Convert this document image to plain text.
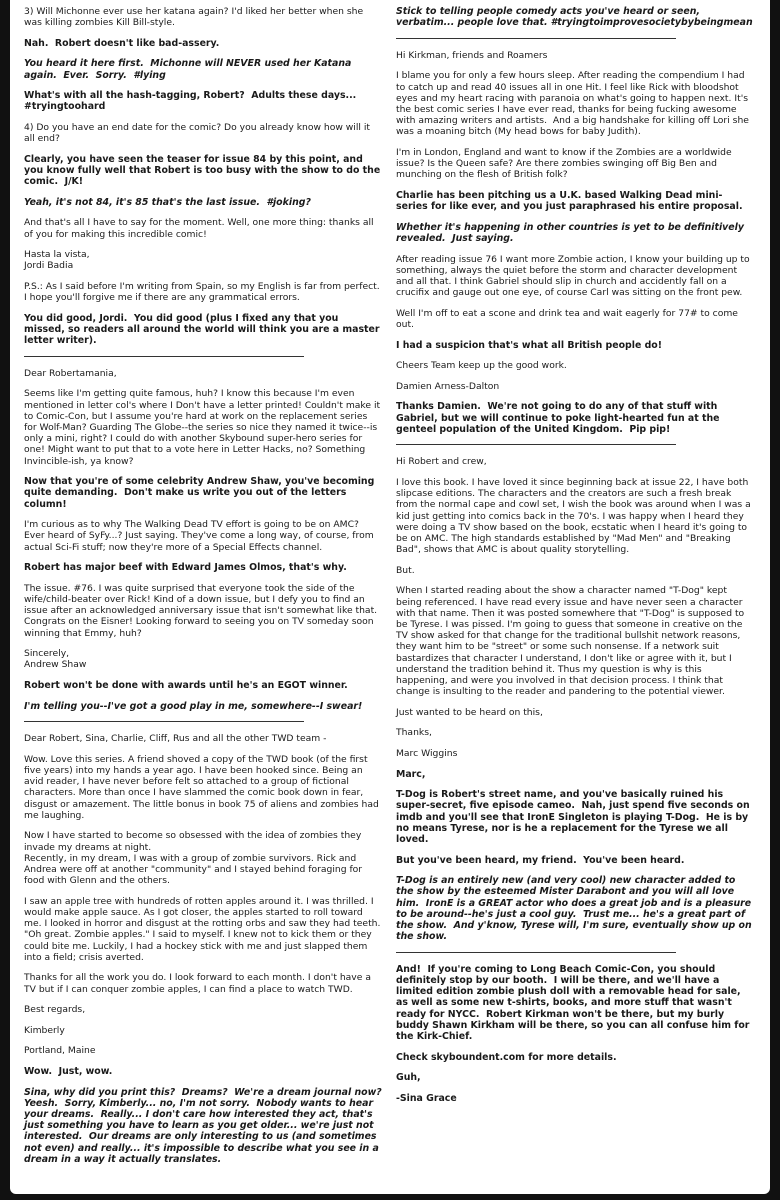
3) Will Michonne ever use her katana again? I'd liked her better when she was killing zombies Kill Bill-style.

Nah.  Robert doesn't like bad-assery.

You heard it here first.  Michonne will NEVER used her Katana again.  Ever.  Sorry.  #lying

What's with all the hash-tagging, Robert?  Adults these days... #tryingtoohard

4) Do you have an end date for the comic? Do you already know how will it all end?

Clearly, you have seen the teaser for issue 84 by this point, and you know fully well that Robert is too busy with the show to do the comic.  J/K!

Yeah, it's not 84, it's 85 that's the last issue.  #joking?

And that's all I have to say for the moment. Well, one more thing: thanks all of you for making this incredible comic!

Hasta la vista,
Jordi Badia

P.S.: As I said before I'm writing from Spain, so my English is far from perfect. I hope you'll forgive me if there are any grammatical errors.

You did good, Jordi.  You did good (plus I fixed any that you missed, so readers all around the world will think you are a master letter writer).

Dear Robertamania,

Seems like I'm getting quite famous, huh? I know this because I'm even mentioned in letter col's where I Don't have a letter printed! Couldn't make it to Comic-Con, but I assume you're hard at work on the replacement series for Wolf-Man? Guarding The Globe--the series so nice they named it twice--is only a mini, right? I could do with another Skybound super-hero series for one! Might want to put that to a vote here in Letter Hacks, no? Something Invincible-ish, ya know?

Now that you're of some celebrity Andrew Shaw, you've becoming quite demanding.  Don't make us write you out of the letters column!

I'm curious as to why The Walking Dead TV effort is going to be on AMC? Ever heard of SyFy...? Just saying. They've come a long way, of course, from actual Sci-Fi stuff; now they're more of a Special Effects channel.

Robert has major beef with Edward James Olmos, that's why.

The issue. #76. I was quite surprised that everyone took the side of the wife/child-beater over Rick! Kind of a down issue, but I defy you to find an issue after an acknowledged anniversary issue that isn't somewhat like that. Congrats on the Eisner! Looking forward to seeing you on TV someday soon winning that Emmy, huh?

Sincerely,
Andrew Shaw

Robert won't be done with awards until he's an EGOT winner.

I'm telling you--I've got a good play in me, somewhere--I swear!

Dear Robert, Sina, Charlie, Cliff, Rus and all the other TWD team -

Wow. Love this series. A friend shoved a copy of the TWD book (of the first five years) into my hands a year ago. I have been hooked since. Being an avid reader, I have never before felt so attached to a group of fictional characters. More than once I have slammed the comic book down in fear, disgust or amazement. The little bonus in book 75 of aliens and zombies had me laughing.

Now I have started to become so obsessed with the idea of zombies they invade my dreams at night.
Recently, in my dream, I was with a group of zombie survivors. Rick and Andrea were off at another "community" and I stayed behind foraging for food with Glenn and the others.

I saw an apple tree with hundreds of rotten apples around it. I was thrilled. I would make apple sauce. As I got closer, the apples started to roll toward me. I looked in horror and disgust at the rotting orbs and saw they had teeth. "Oh great. Zombie apples." I said to myself. I knew not to kick them or they could bite me. Luckily, I had a hockey stick with me and just slapped them into a field; crisis averted.

Thanks for all the work you do. I look forward to each month. I don't have a TV but if I can conquer zombie apples, I can find a place to watch TWD.

Best regards,

Kimberly

Portland, Maine

Wow.  Just, wow.

Sina, why did you print this?  Dreams?  We're a dream journal now?  Yeesh.  Sorry, Kimberly... no, I'm not sorry.  Nobody wants to hear your dreams.  Really... I don't care how interested they act, that's just something you have to learn as you get older... we're just not interested.  Our dreams are only interesting to us (and sometimes not even) and really... it's impossible to describe what you see in a dream in a way it actually translates.

Stick to telling people comedy acts you've heard or seen, verbatim... people love that. #tryingtoimprovesocietybybeingmean

Hi Kirkman, friends and Roamers

I blame you for only a few hours sleep. After reading the compendium I had to catch up and read 40 issues all in one Hit. I feel like Rick with bloodshot eyes and my heart racing with paranoia on what's going to happen next. It's the best comic series I have ever read, thanks for being fucking awesome with amazing writers and artists.  And a big handshake for killing off Lori she was a moaning bitch (My head bows for baby Judith).

I'm in London, England and want to know if the Zombies are a worldwide issue? Is the Queen safe? Are there zombies swinging off Big Ben and munching on the flesh of British folk?

Charlie has been pitching us a U.K. based Walking Dead mini-series for like ever, and you just paraphrased his entire proposal.

Whether it's happening in other countries is yet to be definitively revealed.  Just saying.

After reading issue 76 I want more Zombie action, I know your building up to something, always the quiet before the storm and character development and all that. I think Gabriel should slip in church and accidently fall on a crucifix and gauge out one eye, of course Carl was sitting on the front pew.

Well I'm off to eat a scone and drink tea and wait eagerly for 77# to come out.

I had a suspicion that's what all British people do!

Cheers Team keep up the good work.

Damien Arness-Dalton

Thanks Damien.  We're not going to do any of that stuff with Gabriel, but we will continue to poke light-hearted fun at the genteel population of the United Kingdom.  Pip pip!

Hi Robert and crew,

I love this book. I have loved it since beginning back at issue 22, I have both slipcase editions. The characters and the creators are such a fresh break from the normal cape and cowl set, I wish the book was around when I was a kid just getting into comics back in the 70's. I was happy when I heard they were doing a TV show based on the book, ecstatic when I heard it's going to be on AMC. The high standards established by "Mad Men" and "Breaking Bad", shows that AMC is about quality storytelling.

But.

When I started reading about the show a character named "T-Dog" kept being referenced. I have read every issue and have never seen a character with that name. Then it was posted somewhere that "T-Dog" is supposed to be Tyrese. I was pissed. I'm going to guess that someone in creative on the TV show asked for that change for the traditional bullshit network reasons, they want him to be "street" or some such nonsense. If a network suit bastardizes that character I understand, I don't like or agree with it, but I understand the tradition behind it. Thus my question is why is this happening, and were you involved in that decision process. I think that change is insulting to the reader and pandering to the potential viewer.

Just wanted to be heard on this,

Thanks,

Marc Wiggins

Marc,

T-Dog is Robert's street name, and you've basically ruined his super-secret, five episode cameo.  Nah, just spend five seconds on imdb and you'll see that IronE Singleton is playing T-Dog.  He is by no means Tyrese, nor is he a replacement for the Tyrese we all loved.

But you've been heard, my friend.  You've been heard.

T-Dog is an entirely new (and very cool) new character added to the show by the esteemed Mister Darabont and you will all love him.  IronE is a GREAT actor who does a great job and is a pleasure to be around--he's just a cool guy.  Trust me... he's a great part of the show.  And y'know, Tyrese will, I'm sure, eventually show up on the show.

And!  If you're coming to Long Beach Comic-Con, you should definitely stop by our booth.  I will be there, and we'll have a limited edition zombie plush doll with a removable head for sale, as well as some new t-shirts, books, and more stuff that wasn't ready for NYCC.  Robert Kirkman won't be there, but my burly buddy Shawn Kirkham will be there, so you can all confuse him for the Kirk-Chief.

Check skyboundent.com for more details.

Guh,

-Sina Grace
